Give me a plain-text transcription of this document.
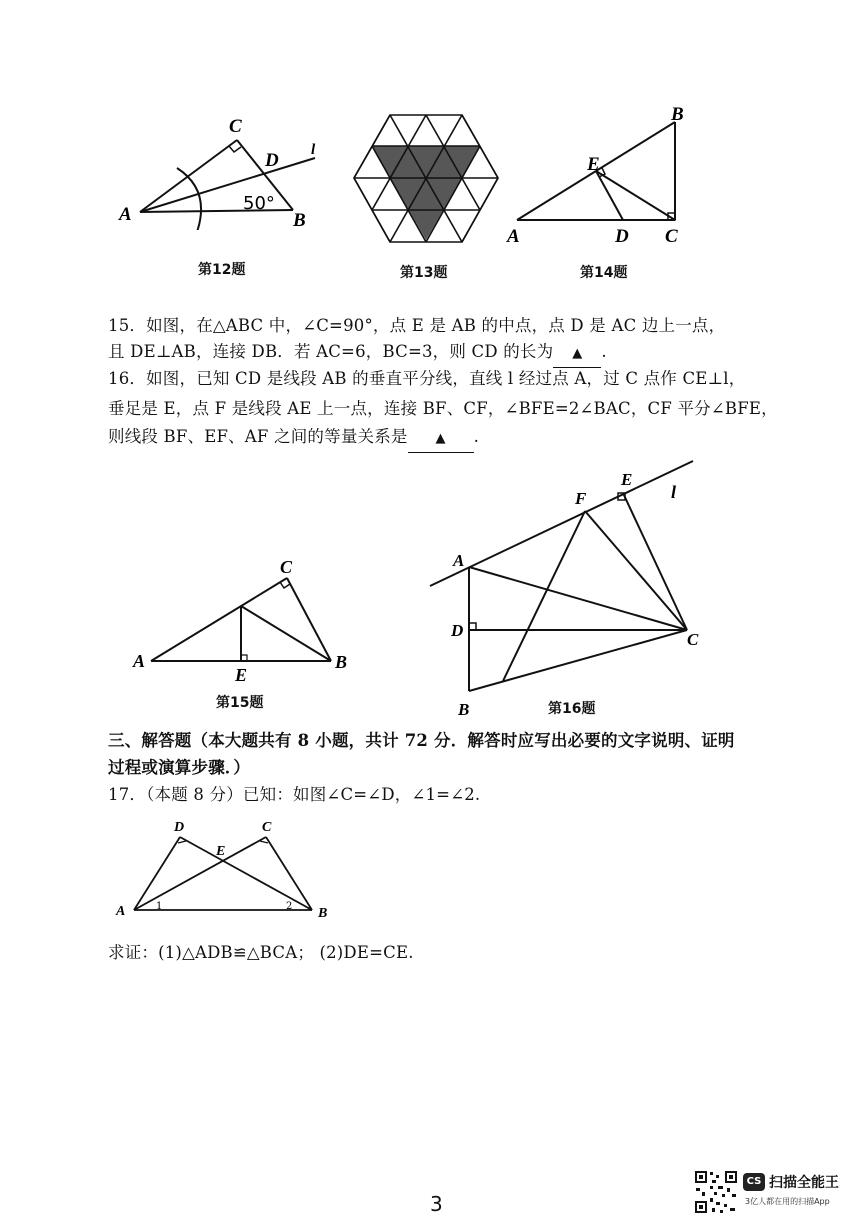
A
C
D l
B
50°
第12题	第13题
B
E
A	D C
第14题
15．如图，在△ABC 中，∠C=90°，点 E 是 AB 的中点，点 D 是 AC 边上一点，
且 DE⊥AB，连接 DB．若 AC=6，BC=3，则 CD 的长为 ▲ .
16．如图，已知 CD 是线段 AB 的垂直平分线，直线 l 经过点 A，过 C 点作 CE⊥l，
垂足是 E，点 F 是线段 AE 上一点，连接 BF、CF，∠BFE=2∠BAC，CF 平分∠BFE，
则线段 BF、EF、AF 之间的等量关系是 ▲ .
C
A	B
E
第15题
E
l
F
A
D	C
B	第16题
三、解答题（本大题共有 8 小题，共计 72 分．解答时应写出必要的文字说明、证明
过程或演算步骤．）
17．（本题 8 分）已知：如图∠C=∠D，∠1=∠2.
D	C
E
A	B
1	2
求证：(1)△ADB≌△BCA； (2)DE=CE.
3
CS 扫描全能王
3亿人都在用的扫描App
